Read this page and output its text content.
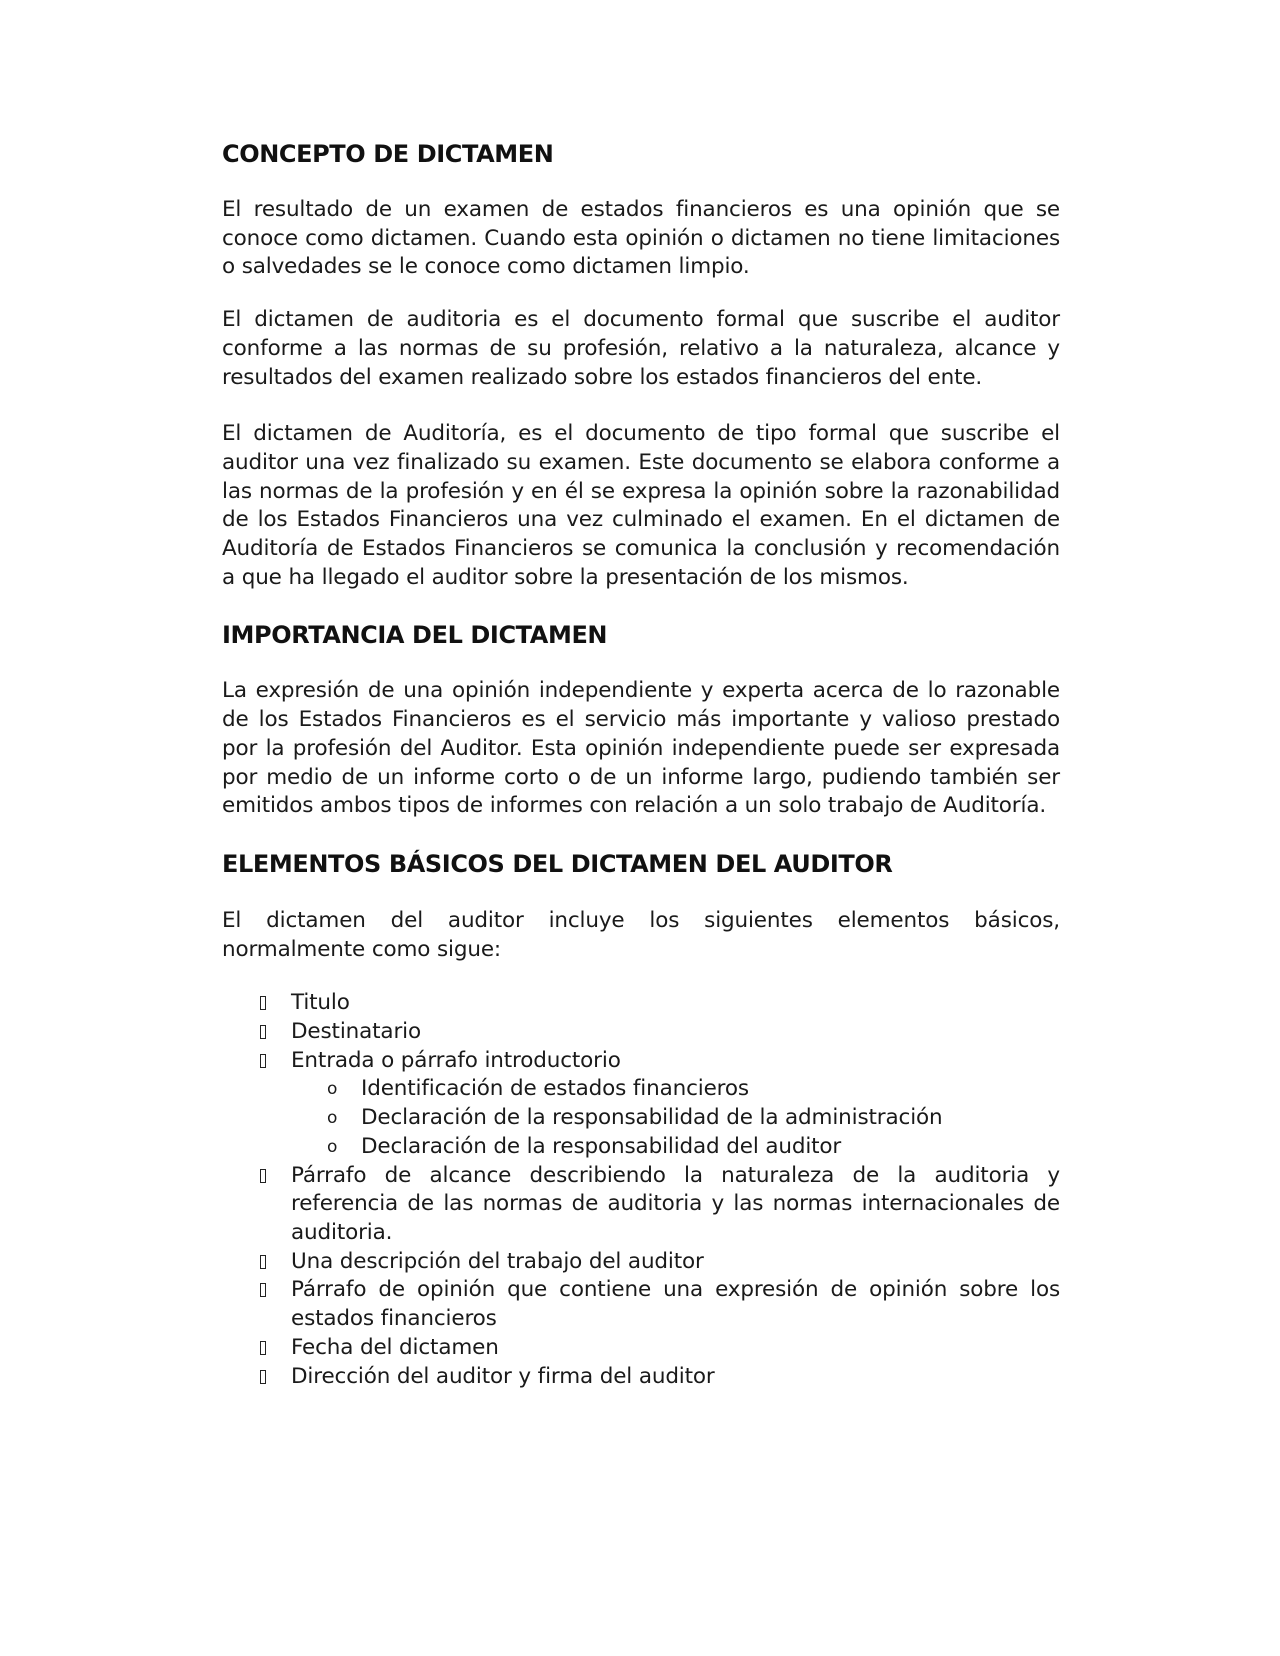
CONCEPTO DE DICTAMEN

El resultado de un examen de estados financieros es una opinión que se conoce como dictamen. Cuando esta opinión o dictamen no tiene limitaciones o salvedades se le conoce como dictamen limpio.

El dictamen de auditoria es el documento formal que suscribe el auditor conforme a las normas de su profesión, relativo a la naturaleza, alcance y resultados del examen realizado sobre los estados financieros del ente.

El dictamen de Auditoría, es el documento de tipo formal que suscribe el auditor una vez finalizado su examen. Este documento se elabora conforme a las normas de la profesión y en él se expresa la opinión sobre la razonabilidad de los Estados Financieros una vez culminado el examen. En el dictamen de Auditoría de Estados Financieros se comunica la conclusión y recomendación a que ha llegado el auditor sobre la presentación de los mismos.

IMPORTANCIA DEL DICTAMEN

La expresión de una opinión independiente y experta acerca de lo razonable de los Estados Financieros es el servicio más importante y valioso prestado por la profesión del Auditor. Esta opinión independiente puede ser expresada por medio de un informe corto o de un informe largo, pudiendo también ser emitidos ambos tipos de informes con relación a un solo trabajo de Auditoría.

ELEMENTOS BÁSICOS DEL DICTAMEN DEL AUDITOR

El dictamen del auditor incluye los siguientes elementos básicos, normalmente como sigue:

Titulo
Destinatario
Entrada o párrafo introductorio
o Identificación de estados financieros
o Declaración de la responsabilidad de la administración
o Declaración de la responsabilidad del auditor
Párrafo de alcance describiendo la naturaleza de la auditoria y referencia de las normas de auditoria y las normas internacionales de auditoria.
Una descripción del trabajo del auditor
Párrafo de opinión que contiene una expresión de opinión sobre los estados financieros
Fecha del dictamen
Dirección del auditor y firma del auditor
